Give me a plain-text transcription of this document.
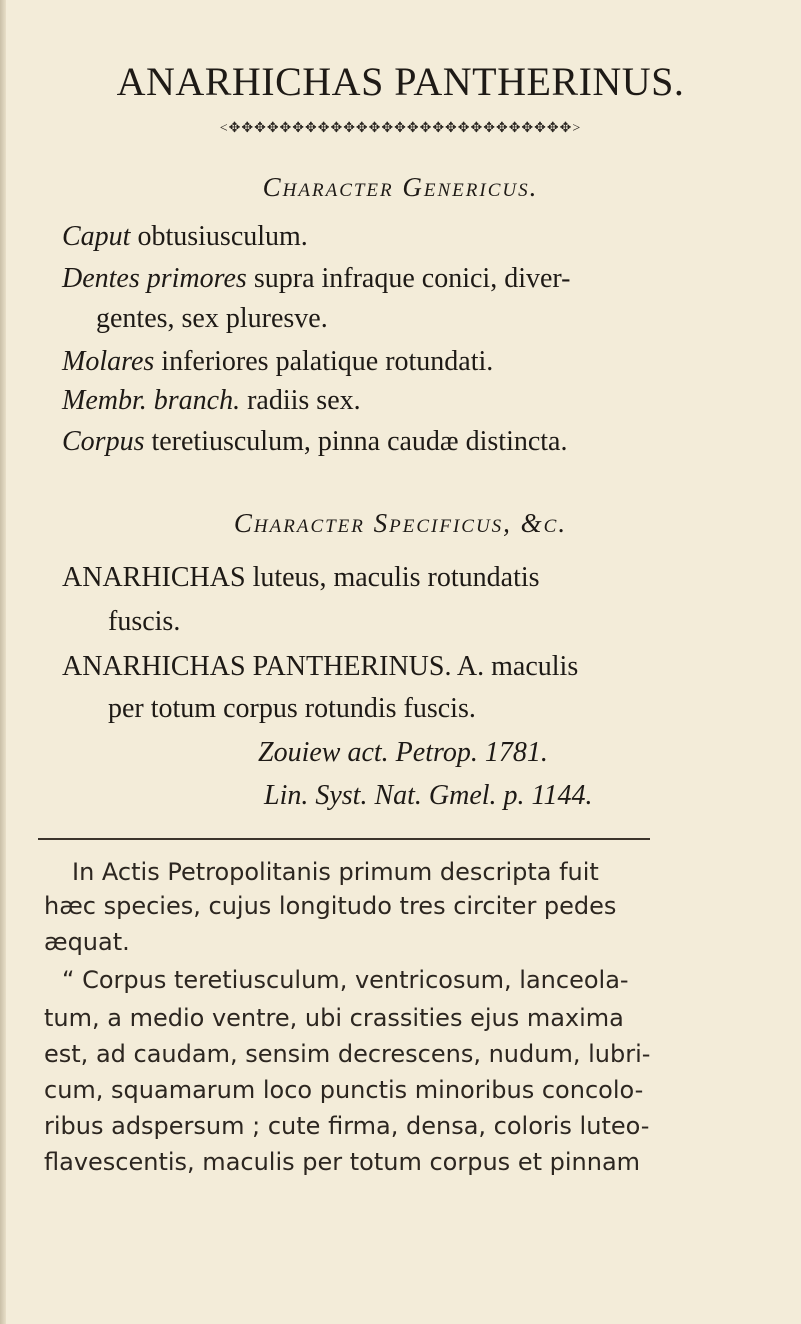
ANARHICHAS PANTHERINUS.
<✥✥✥✥✥✥✥✥✥✥✥✥✥✥✥✥✥✥✥✥✥✥✥✥✥✥✥>
Character Genericus.
Caput obtusiusculum.
Dentes primores supra infraque conici, diver-
gentes, sex pluresve.
Molares inferiores palatique rotundati.
Membr. branch. radiis sex.
Corpus teretiusculum, pinna caudæ distincta.
Character Specificus, &c.
ANARHICHAS luteus, maculis rotundatis
fuscis.
ANARHICHAS PANTHERINUS. A. maculis
per totum corpus rotundis fuscis.
Zouiew act. Petrop. 1781.
Lin. Syst. Nat. Gmel. p. 1144.
In Actis Petropolitanis primum descripta fuit
hæc species, cujus longitudo tres circiter pedes
æquat.
“ Corpus teretiusculum, ventricosum, lanceola-
tum, a medio ventre, ubi crassities ejus maxima
est, ad caudam, sensim decrescens, nudum, lubri-
cum, squamarum loco punctis minoribus concolo-
ribus adspersum ; cute firma, densa, coloris luteo-
flavescentis, maculis per totum corpus et pinnam
